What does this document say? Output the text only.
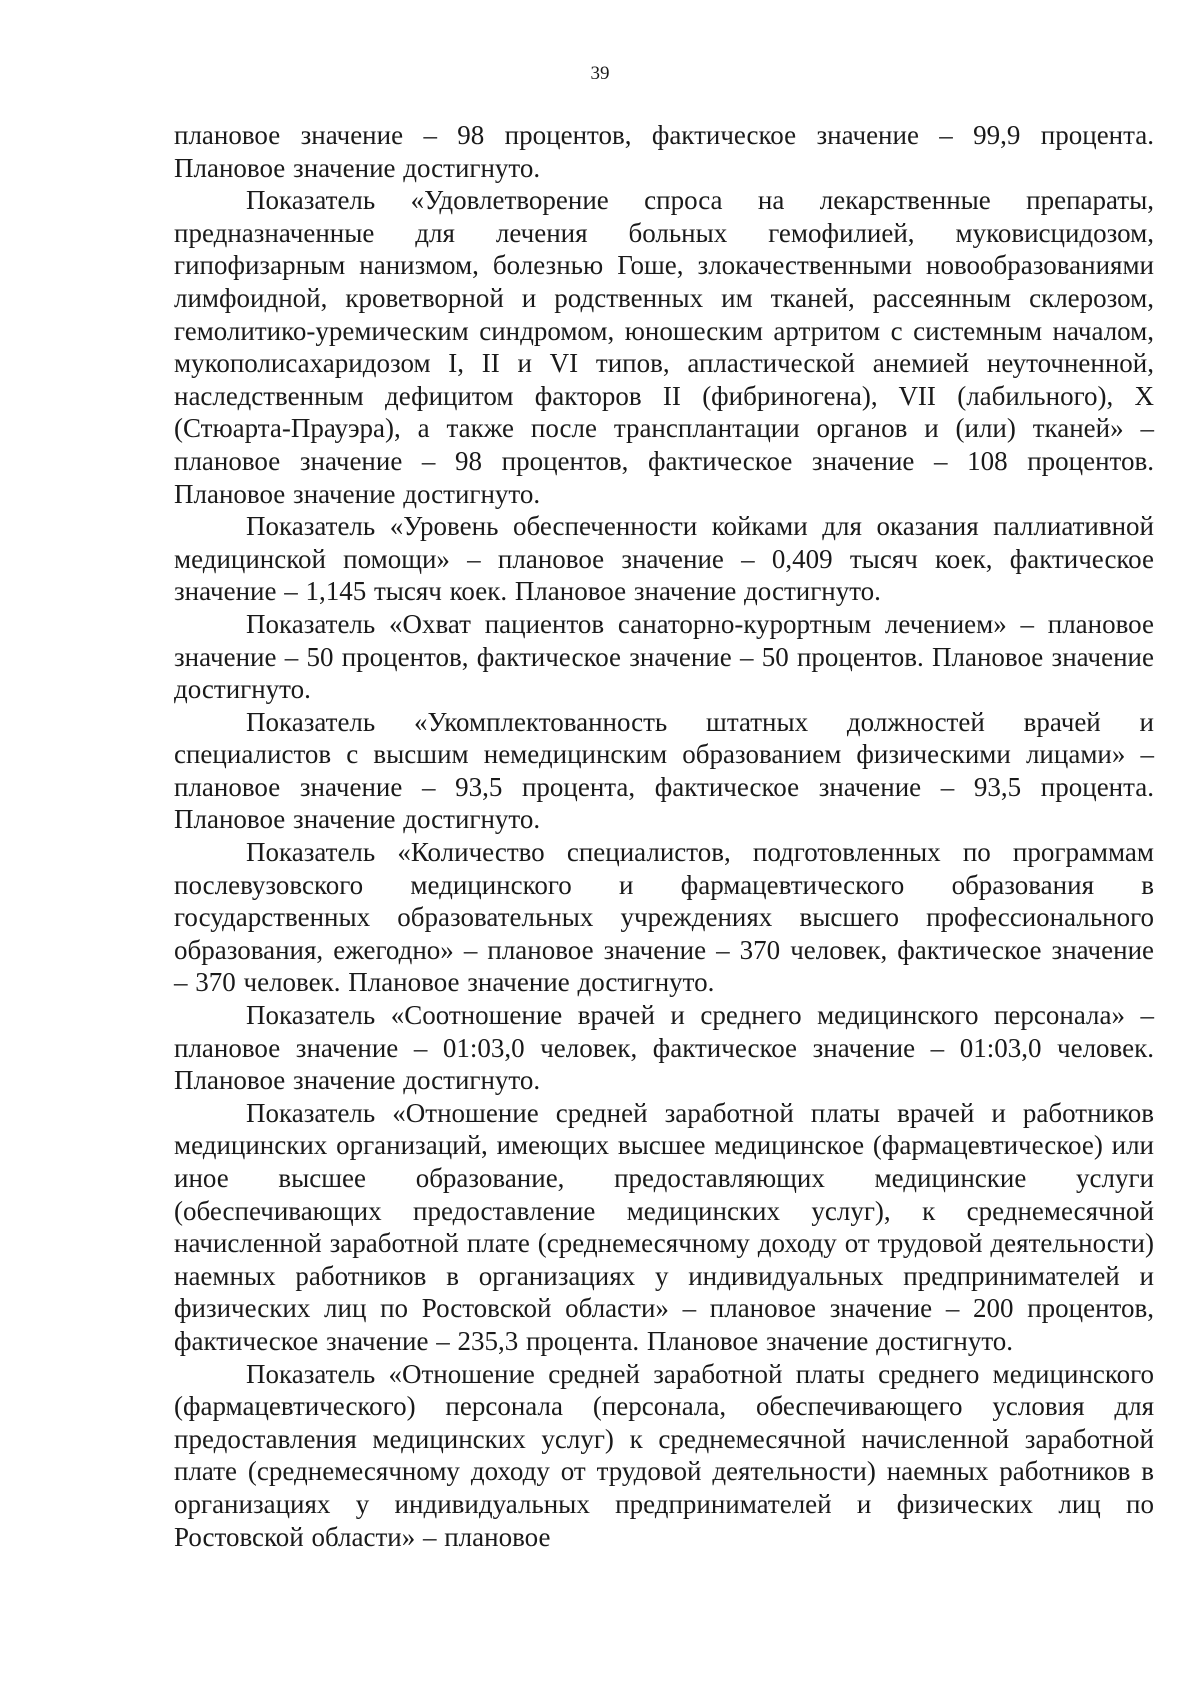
39

плановое значение – 98 процентов, фактическое значение – 99,9 процента. Плановое значение достигнуто.

Показатель «Удовлетворение спроса на лекарственные препараты, предназначенные для лечения больных гемофилией, муковисцидозом, гипофизарным нанизмом, болезнью Гоше, злокачественными новообразованиями лимфоидной, кроветворной и родственных им тканей, рассеянным склерозом, гемолитико-уремическим синдромом, юношеским артритом с системным началом, мукополисахаридозом I, II и VI типов, апластической анемией неуточненной, наследственным дефицитом факторов II (фибриногена), VII (лабильного), X (Стюарта-Прауэра), а также после трансплантации органов и (или) тканей» – плановое значение – 98 процентов, фактическое значение – 108 процентов. Плановое значение достигнуто.

Показатель «Уровень обеспеченности койками для оказания паллиативной медицинской помощи» – плановое значение – 0,409 тысяч коек, фактическое значение – 1,145 тысяч коек. Плановое значение достигнуто.

Показатель «Охват пациентов санаторно-курортным лечением» – плановое значение – 50 процентов, фактическое значение – 50 процентов. Плановое значение достигнуто.

Показатель «Укомплектованность штатных должностей врачей и специалистов с высшим немедицинским образованием физическими лицами» – плановое значение – 93,5 процента, фактическое значение – 93,5 процента. Плановое значение достигнуто.

Показатель «Количество специалистов, подготовленных по программам послевузовского медицинского и фармацевтического образования в государственных образовательных учреждениях высшего профессионального образования, ежегодно» – плановое значение – 370 человек, фактическое значение – 370 человек. Плановое значение достигнуто.

Показатель «Соотношение врачей и среднего медицинского персонала» – плановое значение – 01:03,0 человек, фактическое значение – 01:03,0 человек. Плановое значение достигнуто.

Показатель «Отношение средней заработной платы врачей и работников медицинских организаций, имеющих высшее медицинское (фармацевтическое) или иное высшее образование, предоставляющих медицинские услуги (обеспечивающих предоставление медицинских услуг), к среднемесячной начисленной заработной плате (среднемесячному доходу от трудовой деятельности) наемных работников в организациях у индивидуальных предпринимателей и физических лиц по Ростовской области» – плановое значение – 200 процентов, фактическое значение – 235,3 процента. Плановое значение достигнуто.

Показатель «Отношение средней заработной платы среднего медицинского (фармацевтического) персонала (персонала, обеспечивающего условия для предоставления медицинских услуг) к среднемесячной начисленной заработной плате (среднемесячному доходу от трудовой деятельности) наемных работников в организациях у индивидуальных предпринимателей и физических лиц по Ростовской области» – плановое
